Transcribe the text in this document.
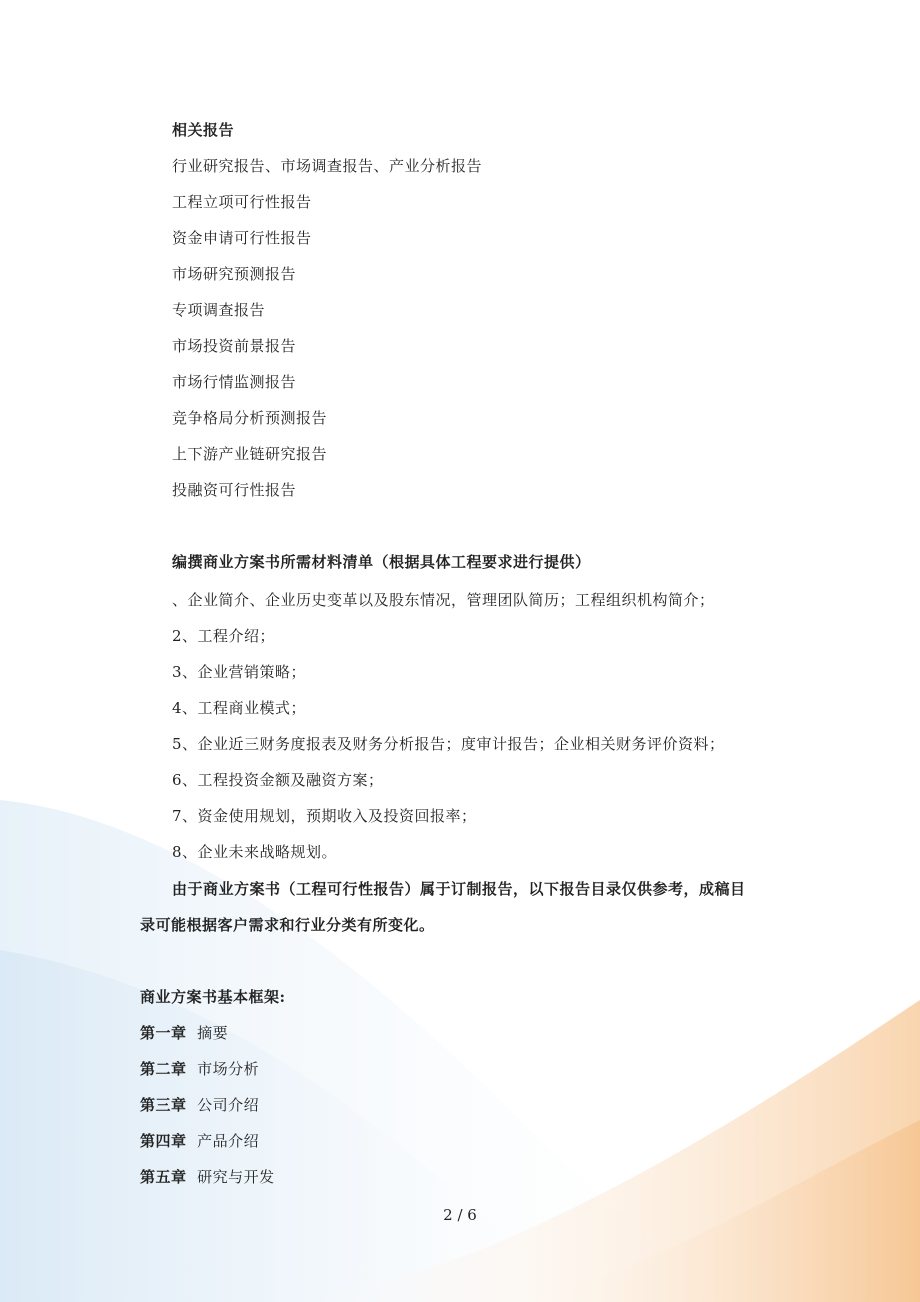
相关报告
行业研究报告、市场调查报告、产业分析报告
工程立项可行性报告
资金申请可行性报告
市场研究预测报告
专项调查报告
市场投资前景报告
市场行情监测报告
竞争格局分析预测报告
上下游产业链研究报告
投融资可行性报告
编撰商业方案书所需材料清单（根据具体工程要求进行提供）
、企业简介、企业历史变革以及股东情况，管理团队简历；工程组织机构简介；
2、工程介绍；
3、企业营销策略；
4、工程商业模式；
5、企业近三财务度报表及财务分析报告；度审计报告；企业相关财务评价资料；
6、工程投资金额及融资方案；
7、资金使用规划，预期收入及投资回报率；
8、企业未来战略规划。
由于商业方案书（工程可行性报告）属于订制报告，以下报告目录仅供参考，成稿目
录可能根据客户需求和行业分类有所变化。
商业方案书基本框架:
第一章 摘要
第二章 市场分析
第三章 公司介绍
第四章 产品介绍
第五章 研究与开发
2 / 6
